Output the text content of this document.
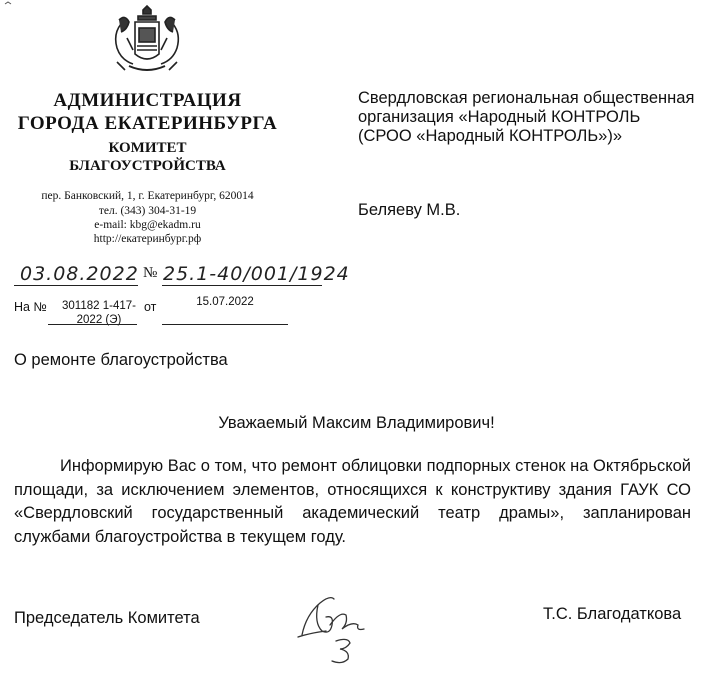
АДМИНИСТРАЦИЯ
ГОРОДА ЕКАТЕРИНБУРГА
КОМИТЕТ
БЛАГОУСТРОЙСТВА
пер. Банковский, 1, г. Екатеринбург, 620014
тел. (343) 304-31-19
e-mail: kbg@ekadm.ru
http://екатеринбург.рф
Свердловская региональная общественная организация «Народный КОНТРОЛЬ (СРОО «Народный КОНТРОЛЬ»)»
Беляеву М.В.
03.08.2022 № 25.1-40/001/1924
На № 301182 1-417-2022 (Э)
от	15.07.2022
О ремонте благоустройства
Уважаемый Максим Владимирович!
Информирую Вас о том, что ремонт облицовки подпорных стенок на Октябрьской площади, за исключением элементов, относящихся к конструктиву здания ГАУК СО «Свердловский государственный академический театр драмы», запланирован службами благоустройства в текущем году.
Председатель Комитета	Т.С. Благодаткова
